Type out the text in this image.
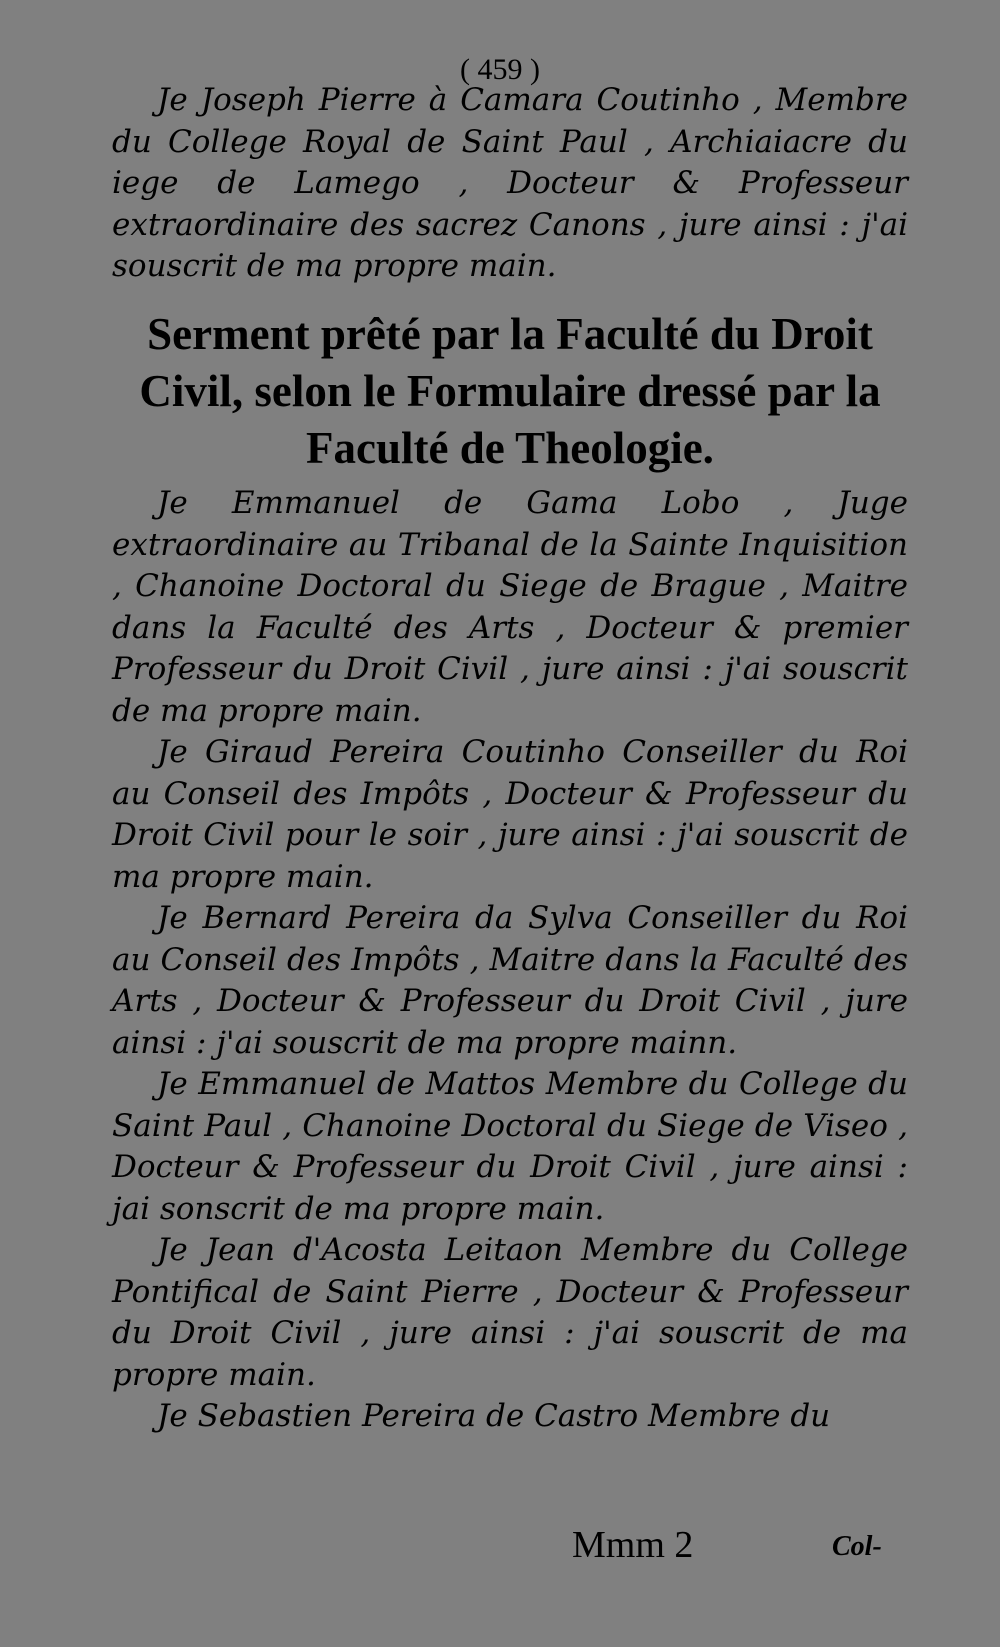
( 459 )

Je Joseph Pierre à Camara Coutinho , Membre du College Royal de Saint Paul , Archiaiacre du iege de Lamego , Docteur & Professeur extraordinaire des sacrez Canons , jure ainsi : j'ai souscrit de ma propre main.

Serment prêté par la Faculté du Droit Civil, selon le Formulaire dressé par la Faculté de Theologie.

Je Emmanuel de Gama Lobo , Juge extraordinaire au Tribanal de la Sainte Inquisition , Chanoine Doctoral du Siege de Brague , Maitre dans la Faculté des Arts , Docteur & premier Professeur du Droit Civil , jure ainsi : j'ai souscrit de ma propre main.

Je Giraud Pereira Coutinho Conseiller du Roi au Conseil des Impôts , Docteur & Professeur du Droit Civil pour le soir , jure ainsi : j'ai souscrit de ma propre main.

Je Bernard Pereira da Sylva Conseiller du Roi au Conseil des Impôts , Maitre dans la Faculté des Arts , Docteur & Professeur du Droit Civil , jure ainsi : j'ai souscrit de ma propre mainn.

Je Emmanuel de Mattos Membre du College du Saint Paul , Chanoine Doctoral du Siege de Viseo , Docteur & Professeur du Droit Civil , jure ainsi : jai sonscrit de ma propre main.

Je Jean d'Acosta Leitaon Membre du College Pontifical de Saint Pierre , Docteur & Professeur du Droit Civil , jure ainsi : j'ai souscrit de ma propre main.

Je Sebastien Pereira de Castro Membre du

Mmm 2	Col-
